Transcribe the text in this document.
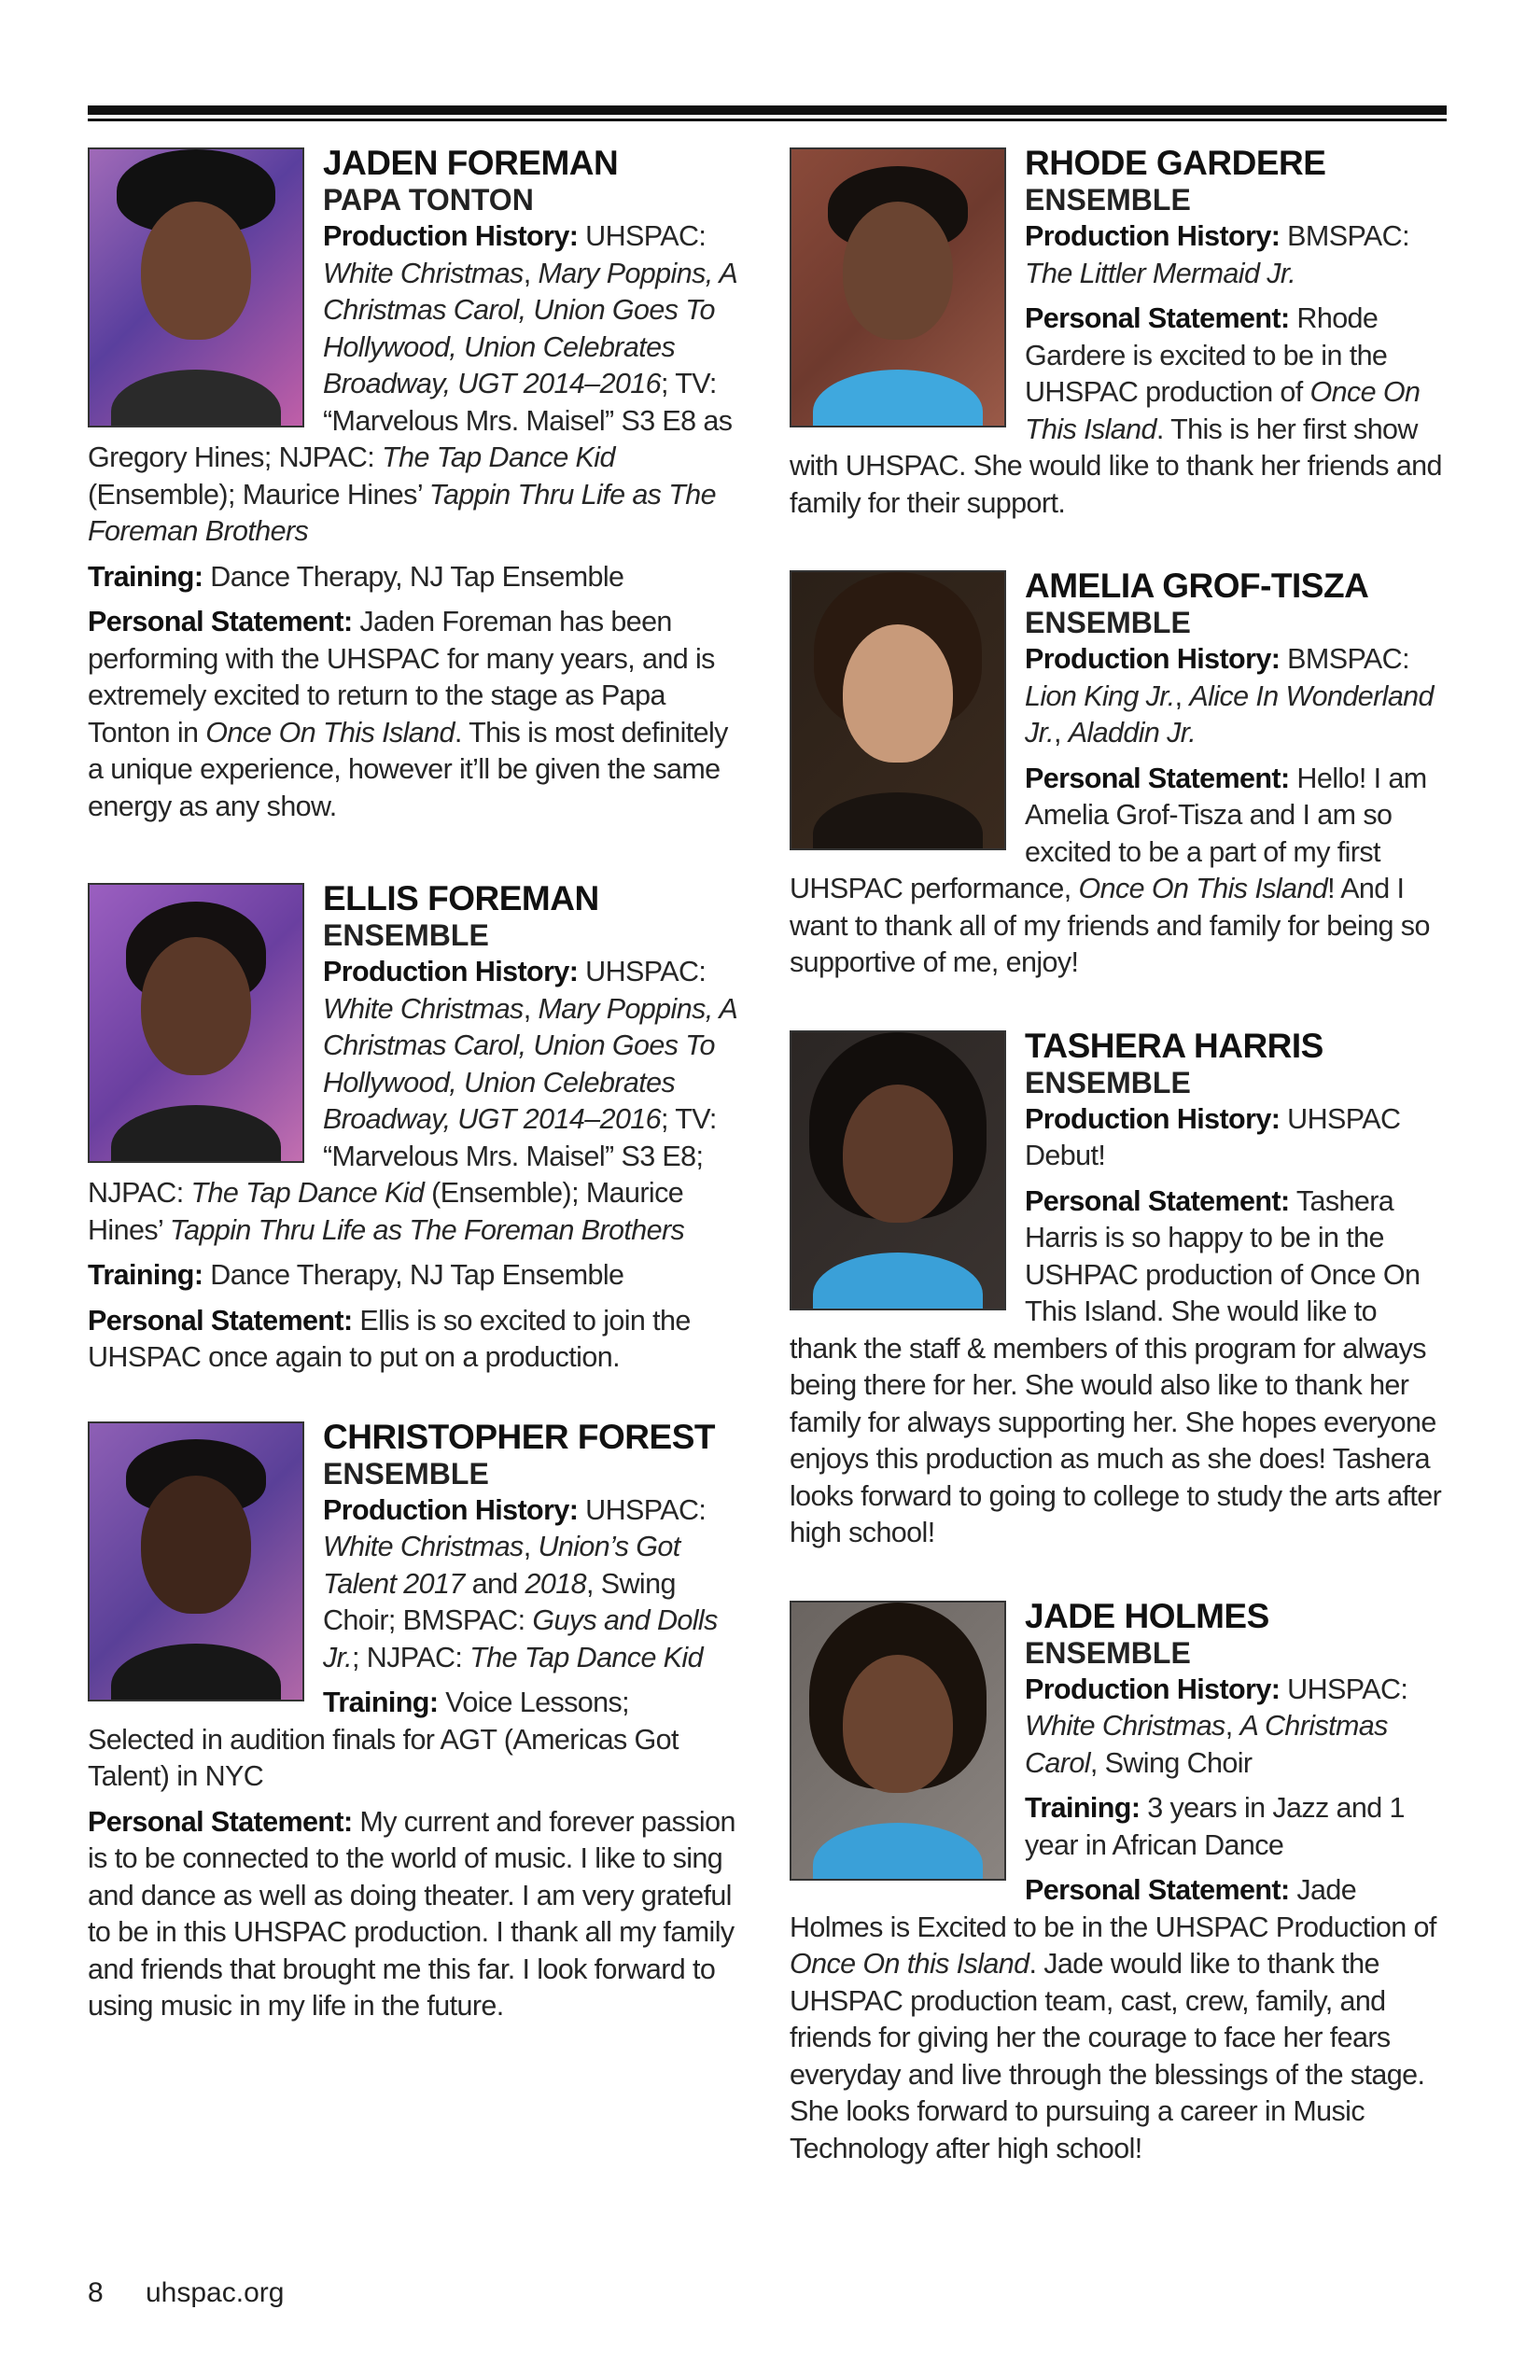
JADEN FOREMAN
PAPA TONTON

Production History: UHSPAC: White Christmas, Mary Poppins, A Christmas Carol, Union Goes To Hollywood, Union Celebrates Broadway, UGT 2014–2016; TV: “Marvelous Mrs. Maisel” S3 E8 as Gregory Hines; NJPAC: The Tap Dance Kid (Ensemble); Maurice Hines’ Tappin Thru Life as The Foreman Brothers

Training: Dance Therapy, NJ Tap Ensemble

Personal Statement: Jaden Foreman has been performing with the UHSPAC for many years, and is extremely excited to return to the stage as Papa Tonton in Once On This Island. This is most definitely a unique experience, however it’ll be given the same energy as any show.

ELLIS FOREMAN
ENSEMBLE

Production History: UHSPAC: White Christmas, Mary Poppins, A Christmas Carol, Union Goes To Hollywood, Union Celebrates Broadway, UGT 2014–2016; TV: “Marvelous Mrs. Maisel” S3 E8; NJPAC: The Tap Dance Kid (Ensemble); Maurice Hines’ Tappin Thru Life as The Foreman Brothers

Training: Dance Therapy, NJ Tap Ensemble

Personal Statement: Ellis is so excited to join the UHSPAC once again to put on a production.

CHRISTOPHER FOREST
ENSEMBLE

Production History: UHSPAC: White Christmas, Union’s Got Talent 2017 and 2018, Swing Choir; BMSPAC: Guys and Dolls Jr.; NJPAC: The Tap Dance Kid

Training: Voice Lessons; Selected in audition finals for AGT (Americas Got Talent) in NYC

Personal Statement: My current and forever passion is to be connected to the world of music. I like to sing and dance as well as doing theater. I am very grateful to be in this UHSPAC production. I thank all my family and friends that brought me this far. I look forward to using music in my life in the future.

RHODE GARDERE
ENSEMBLE

Production History: BMSPAC: The Littler Mermaid Jr.

Personal Statement: Rhode Gardere is excited to be in the UHSPAC production of Once On This Island. This is her first show with UHSPAC. She would like to thank her friends and family for their support.

AMELIA GROF-TISZA
ENSEMBLE

Production History: BMSPAC: Lion King Jr., Alice In Wonderland Jr., Aladdin Jr.

Personal Statement: Hello! I am Amelia Grof-Tisza and I am so excited to be a part of my first UHSPAC performance, Once On This Island! And I want to thank all of my friends and family for being so supportive of me, enjoy!

TASHERA HARRIS
ENSEMBLE

Production History: UHSPAC Debut!

Personal Statement: Tashera Harris is so happy to be in the USHPAC production of Once On This Island. She would like to thank the staff & members of this program for always being there for her. She would also like to thank her family for always supporting her. She hopes everyone enjoys this production as much as she does! Tashera looks forward to going to college to study the arts after high school!

JADE HOLMES
ENSEMBLE

Production History: UHSPAC: White Christmas, A Christmas Carol, Swing Choir

Training: 3 years in Jazz and 1 year in African Dance

Personal Statement: Jade Holmes is Excited to be in the UHSPAC Production of Once On this Island. Jade would like to thank the UHSPAC production team, cast, crew, family, and friends for giving her the courage to face her fears everyday and live through the blessings of the stage. She looks forward to pursuing a career in Music Technology after high school!

8 uhspac.org
